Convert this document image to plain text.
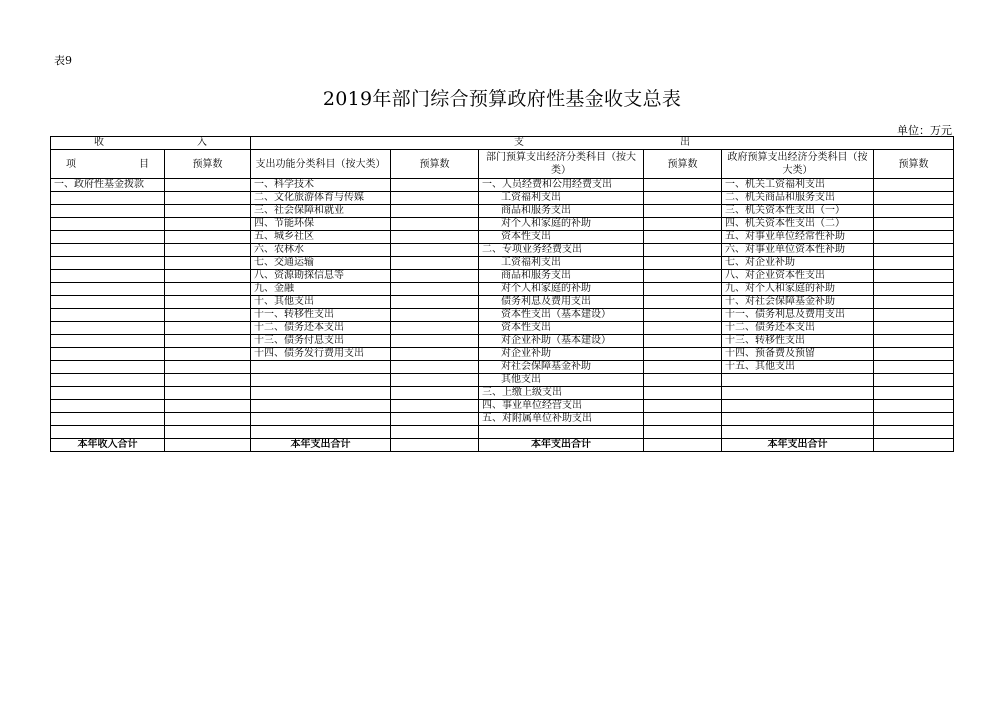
表9
2019年部门综合预算政府性基金收支总表
单位：万元
收 入		支 出					

项 目	预算数	支出功能分类科目（按大类）	预算数	部门预算支出经济分类科目（按大类）	预算数	政府预算支出经济分类科目（按大类）	预算数
一、政府性基金拨款		一、科学技术		一、人员经费和公用经费支出		一、机关工资福利支出	
		二、文化旅游体育与传媒		工资福利支出		二、机关商品和服务支出	
		三、社会保障和就业		商品和服务支出		三、机关资本性支出（一）	
		四、节能环保		对个人和家庭的补助		四、机关资本性支出（二）	
		五、城乡社区		资本性支出		五、对事业单位经常性补助	
		六、农林水		二、专项业务经费支出		六、对事业单位资本性补助	
		七、交通运输		工资福利支出		七、对企业补助	
		八、资源勘探信息等		商品和服务支出		八、对企业资本性支出	
		九、金融		对个人和家庭的补助		九、对个人和家庭的补助	
		十、其他支出		债务利息及费用支出		十、对社会保障基金补助	
		十一、转移性支出		资本性支出（基本建设）		十一、债务利息及费用支出	
		十二、债务还本支出		资本性支出		十二、债务还本支出	
		十三、债务付息支出		对企业补助（基本建设）		十三、转移性支出	
		十四、债务发行费用支出		对企业补助		十四、预备费及预留	
				对社会保障基金补助		十五、其他支出	
				其他支出			
				三、上缴上级支出			
				四、事业单位经营支出			
				五、对附属单位补助支出			

本年收入合计		本年支出合计		本年支出合计		本年支出合计	
